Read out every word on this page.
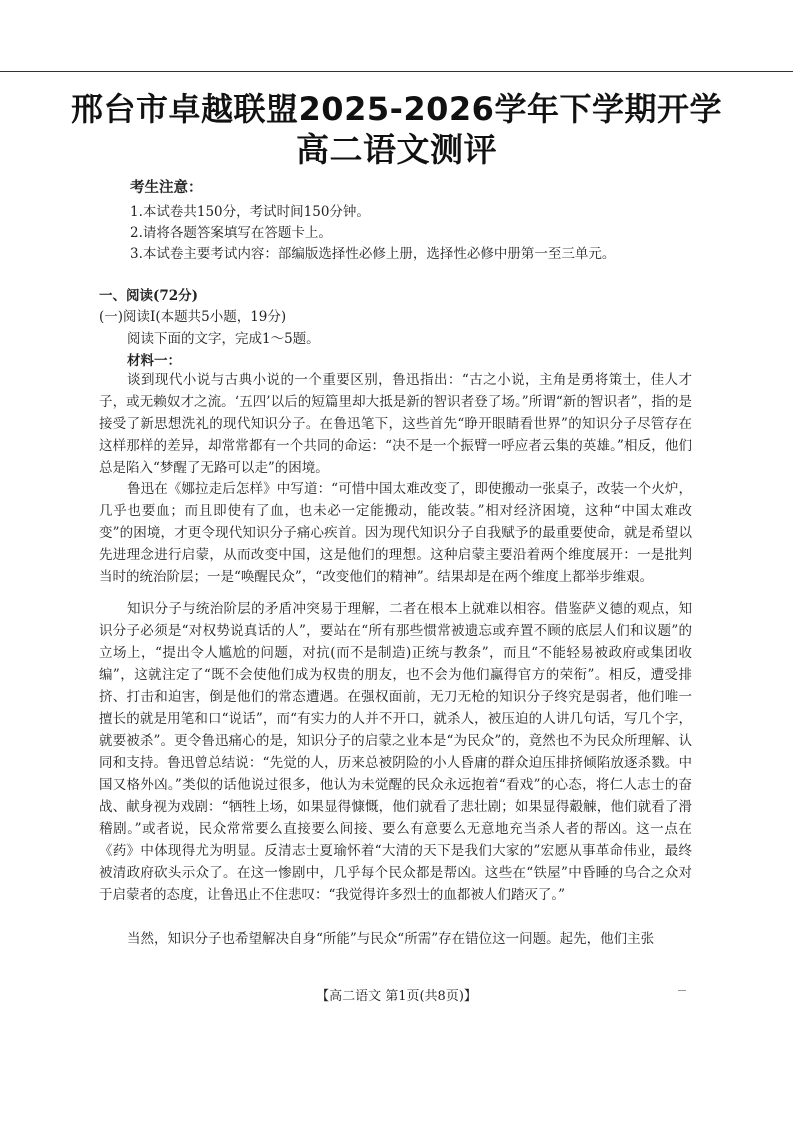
邢台市卓越联盟2025-2026学年下学期开学
高二语文测评
考生注意：
1.本试卷共150分，考试时间150分钟。
2.请将各题答案填写在答题卡上。
3.本试卷主要考试内容：部编版选择性必修上册，选择性必修中册第一至三单元。
一、阅读(72分)
(一)阅读Ⅰ(本题共5小题，19分)
阅读下面的文字，完成1～5题。
材料一：

谈到现代小说与古典小说的一个重要区别，鲁迅指出：“古之小说，主角是勇将策士，佳人才子，或无赖奴才之流。‘五四’以后的短篇里却大抵是新的智识者登了场。”所谓“新的智识者”，指的是接受了新思想洗礼的现代知识分子。在鲁迅笔下，这些首先“睁开眼睛看世界”的知识分子尽管存在这样那样的差异，却常常都有一个共同的命运：“决不是一个振臂一呼应者云集的英雄。”相反，他们总是陷入“梦醒了无路可以走”的困境。

鲁迅在《娜拉走后怎样》中写道：“可惜中国太难改变了，即使搬动一张桌子，改装一个火炉，几乎也要血；而且即使有了血，也未必一定能搬动，能改装。”相对经济困境，这种“中国太难改变”的困境，才更令现代知识分子痛心疾首。因为现代知识分子自我赋予的最重要使命，就是希望以先进理念进行启蒙，从而改变中国，这是他们的理想。这种启蒙主要沿着两个维度展开：一是批判当时的统治阶层；一是“唤醒民众”，“改变他们的精神”。结果却是在两个维度上都举步维艰。

知识分子与统治阶层的矛盾冲突易于理解，二者在根本上就难以相容。借鉴萨义德的观点，知识分子必须是“对权势说真话的人”，要站在“所有那些惯常被遗忘或弃置不顾的底层人们和议题”的立场上，“提出令人尴尬的问题，对抗(而不是制造)正统与教条”，而且“不能轻易被政府或集团收编”，这就注定了“既不会使他们成为权贵的朋友，也不会为他们赢得官方的荣衔”。相反，遭受排挤、打击和迫害，倒是他们的常态遭遇。在强权面前，无刀无枪的知识分子终究是弱者，他们唯一擅长的就是用笔和口“说话”，而“有实力的人并不开口，就杀人，被压迫的人讲几句话，写几个字，就要被杀”。更令鲁迅痛心的是，知识分子的启蒙之业本是“为民众”的，竟然也不为民众所理解、认同和支持。鲁迅曾总结说：“先觉的人，历来总被阴险的小人昏庸的群众迫压排挤倾陷放逐杀戮。中国又格外凶。”类似的话他说过很多，他认为未觉醒的民众永远抱着“看戏”的心态，将仁人志士的奋战、献身视为戏剧：“牺牲上场，如果显得慷慨，他们就看了悲壮剧；如果显得觳觫，他们就看了滑稽剧。”或者说，民众常常要么直接要么间接、要么有意要么无意地充当杀人者的帮凶。这一点在《药》中体现得尤为明显。反清志士夏瑜怀着“大清的天下是我们大家的”宏愿从事革命伟业，最终被清政府砍头示众了。在这一惨剧中，几乎每个民众都是帮凶。这些在“铁屋”中昏睡的乌合之众对于启蒙者的态度，让鲁迅止不住悲叹：“我觉得许多烈士的血都被人们踏灭了。”

当然，知识分子也希望解决自身“所能”与民众“所需”存在错位这一问题。起先，他们主张

【高二语文 第1页(共8页)】
